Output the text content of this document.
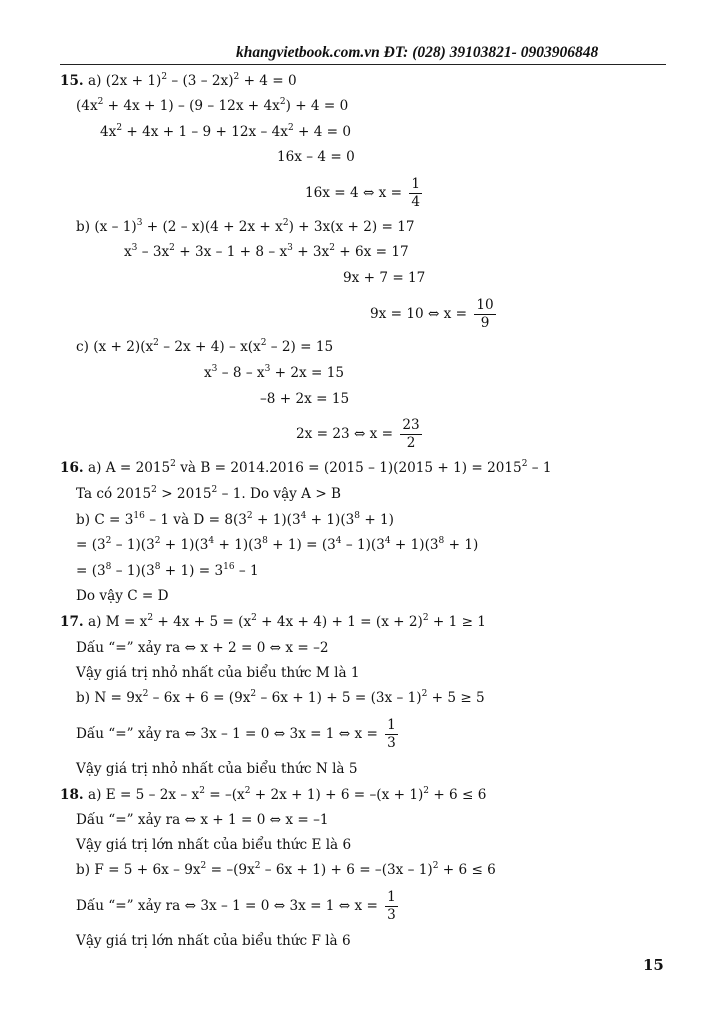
khangvietbook.com.vn ĐT: (028) 39103821- 0903906848
15. a) $(2x + 1)^2 - (3 - 2x)^2 + 4 = 0$
$(4x^2 + 4x + 1) - (9 - 12x + 4x^2) + 4 = 0$
$4x^2 + 4x + 1 - 9 + 12x - 4x^2 + 4 = 0$
16x – 4 = 0
16x = 4 ⇔ $x = \frac{1}{4}$
b) $(x - 1)^3 + (2 - x)(4 + 2x + x^2) + 3x(x + 2) = 17$
$x^3 - 3x^2 + 3x - 1 + 8 - x^3 + 3x^2 + 6x = 17$
9x + 7 = 17
9x = 10 ⇔ $x = \frac{10}{9}$
c) $(x + 2)(x^2 - 2x + 4) - x(x^2 - 2) = 15$
$x^3 - 8 - x^3 + 2x = 15$
–8 + 2x = 15
2x = 23 ⇔ $x = \frac{23}{2}$
16. a) $A = 2015^2$ và $B = 2014.2016 = (2015 - 1)(2015 + 1) = 2015^2 - 1$
Ta có $2015^2 > 2015^2 - 1$. Do vậy A > B
b) $C = 3^{16} - 1$ và $D = 8(3^2 + 1)(3^4 + 1)(3^8 + 1)$
= $(3^2 - 1)(3^2 + 1)(3^4 + 1)(3^8 + 1) = (3^4 - 1)(3^4 + 1)(3^8 + 1)$
= $(3^8 - 1)(3^8 + 1) = 3^{16} - 1$
Do vậy C = D
17. a) $M = x^2 + 4x + 5 = (x^2 + 4x + 4) + 1 = (x + 2)^2 + 1 \ge 1$
Dấu “=” xảy ra ⇔ x + 2 = 0 ⇔ x = –2
Vậy giá trị nhỏ nhất của biểu thức M là 1
b) $N = 9x^2 - 6x + 6 = (9x^2 - 6x + 1) + 5 = (3x - 1)^2 + 5 \ge 5$
Dấu “=” xảy ra ⇔ 3x – 1 = 0 ⇔ 3x = 1 ⇔ $x = \frac{1}{3}$
Vậy giá trị nhỏ nhất của biểu thức N là 5
18. a) $E = 5 - 2x - x^2 = -(x^2 + 2x + 1) + 6 = -(x + 1)^2 + 6 \le 6$
Dấu “=” xảy ra ⇔ x + 1 = 0 ⇔ x = –1
Vậy giá trị lớn nhất của biểu thức E là 6
b) $F = 5 + 6x - 9x^2 = -(9x^2 - 6x + 1) + 6 = -(3x - 1)^2 + 6 \le 6$
Dấu “=” xảy ra ⇔ 3x – 1 = 0 ⇔ 3x = 1 ⇔ $x = \frac{1}{3}$
Vậy giá trị lớn nhất của biểu thức F là 6
15
